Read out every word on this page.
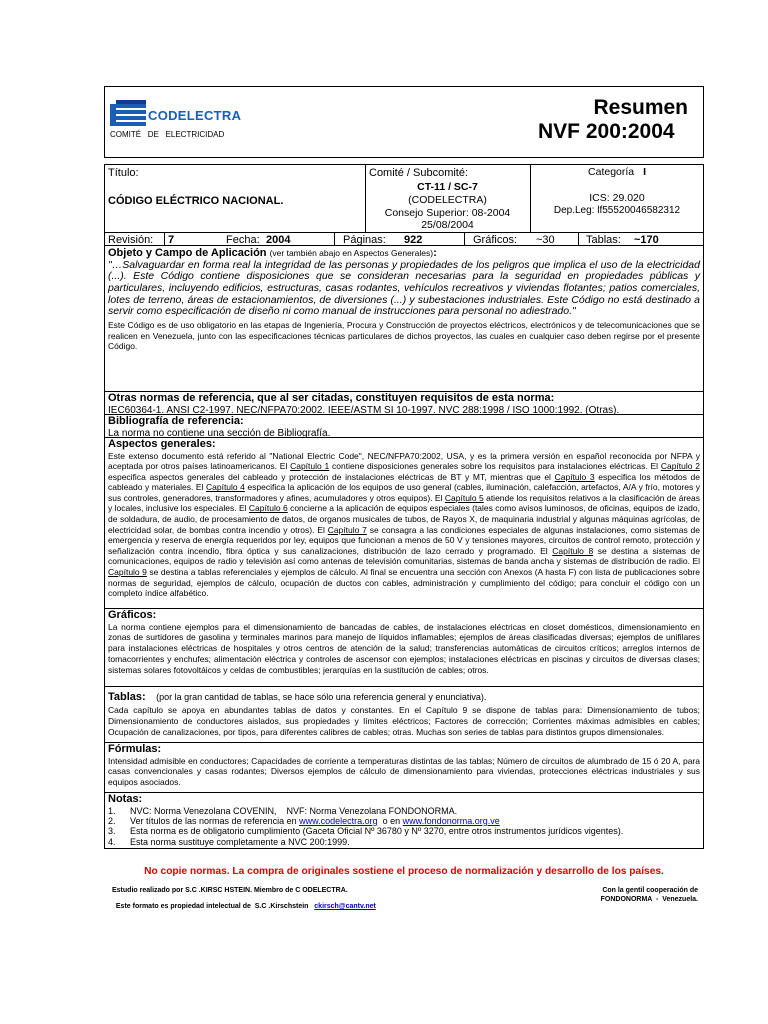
CODELECTRA
COMITÉ   DE   ELECTRICIDAD
Resumen
NVF 200:2004
Título:
CÓDIGO ELÉCTRICO NACIONAL.
Comité / Subcomité:
CT-11 / SC-7
(CODELECTRA)
Consejo Superior: 08-2004
25/08/2004
Categoría I
ICS: 29.020
Dep.Leg: lf55520046582312
Revisión: 7	Fecha: 2004	Páginas: 922	Gráficos: ~30	Tablas: ~170
Objeto y Campo de Aplicación (ver también abajo en Aspectos Generales):
"…Salvaguardar en forma real la integridad de las personas y propiedades de los peligros que implica el uso de la electricidad (...). Este Código contiene disposiciones que se consideran necesarias para la seguridad en propiedades públicas y particulares, incluyendo edificios, estructuras, casas rodantes, vehículos recreativos y viviendas flotantes; patios comerciales, lotes de terreno, áreas de estacionamientos, de diversiones (...) y subestaciones industriales. Este Código no está destinado a servir como especificación de diseño ni como manual de instrucciones para personal no adiestrado."
Este Código es de uso obligatorio en las etapas de Ingeniería, Procura y Construcción de proyectos eléctricos, electrónicos y de telecomunicaciones que se realicen en Venezuela, junto con las especificaciones técnicas particulares de dichos proyectos, las cuales en cualquier caso deben regirse por el presente Código.
Otras normas de referencia, que al ser citadas, constituyen requisitos de esta norma:
IEC60364-1. ANSI C2-1997. NEC/NFPA70:2002. IEEE/ASTM SI 10-1997. NVC 288:1998 / ISO 1000:1992. (Otras).
Bibliografía de referencia:
La norma no contiene una sección de Bibliografía.
Aspectos generales:
Este extenso documento está referido al "National Electric Code", NEC/NFPA70:2002, USA, y es la primera versión en español reconocida por NFPA y aceptada por otros países latinoamericanos. El Capítulo 1 contiene disposiciones generales sobre los requisitos para instalaciones eléctricas. El Capítulo 2 especifica aspectos generales del cableado y protección de instalaciones eléctricas de BT y MT, mientras que el Capítulo 3 especifica los métodos de cableado y materiales. El Capítulo 4 especifica la aplicación de los equipos de uso general (cables, iluminación, calefacción, artefactos, A/A y frío, motores y sus controles, generadores, transformadores y afines, acumuladores y otros equipos). El Capítulo 5 atiende los requisitos relativos a la clasificación de áreas y locales, inclusive los especiales. El Capítulo 6 concierne a la aplicación de equipos especiales (tales como avisos luminosos, de oficinas, equipos de izado, de soldadura, de audio, de procesamiento de datos, de organos musicales de tubos, de Rayos X, de maquinaria industrial y algunas máquinas agrícolas, de electricidad solar, de bombas contra incendio y otros). El Capítulo 7 se consagra a las condiciones especiales de algunas instalaciones, como sistemas de emergencia y reserva de energía requeridos por ley, equipos que funcionan a menos de 50 V y tensiones mayores, circuitos de control remoto, protección y señalización contra incendio, fibra óptica y sus canalizaciones, distribución de lazo cerrado y programado. El Capítulo 8 se destina a sistemas de comunicaciones, equipos de radio y televisión así como antenas de televisión comunitarias, sistemas de banda ancha y sistemas de distribución de radio. El Capítulo 9 se destina a tablas referenciales y ejemplos de cálculo. Al final se encuentra una sección con Anexos (A hasta F) con lista de publicaciones sobre normas de seguridad, ejemplos de cálculo, ocupación de ductos con cables, administración y cumplimiento del código; para concluir el código con un completo índice alfabético.
Gráficos:
La norma contiene ejemplos para el dimensionamiento de bancadas de cables, de instalaciones eléctricas en closet domésticos, dimensionamiento en zonas de surtidores de gasolina y terminales marinos para manejo de líquidos inflamables; ejemplos de áreas clasificadas diversas; ejemplos de unifilares para instalaciones eléctricas de hospitales y otros centros de atención de la salud; transferencias automáticas de circuitos críticos; arreglos internos de tomacorrientes y enchufes; alimentación eléctrica y controles de ascensor con ejemplos; instalaciones eléctricas en piscinas y circuitos de diversas clases; sistemas solares fotovoltáicos y celdas de combustibles; jerarquías en la sustitución de cables; otros.
Tablas: (por la gran cantidad de tablas, se hace sólo una referencia general y enunciativa).
Cada capítulo se apoya en abundantes tablas de datos y constantes. En el Capítulo 9 se dispone de tablas para: Dimensionamiento de tubos; Dimensionamiento de conductores aislados, sus propiedades y límites eléctricos; Factores de corrección; Corrientes máximas admisibles en cables; Ocupación de canalizaciones, por tipos, para diferentes calibres de cables; otras. Muchas son series de tablas para distintos grupos dimensionales.
Fórmulas:
Intensidad admisible en conductores; Capacidades de corriente a temperaturas distintas de las tablas; Número de circuitos de alumbrado de 15 ó 20 A, para casas convencionales y casas rodantes; Diversos ejemplos de cálculo de dimensionamiento para viviendas, protecciones eléctricas industriales y sus equipos asociados.
Notas:
1. NVC: Norma Venezolana COVENIN,    NVF: Norma Venezolana FONDONORMA.
2. Ver títulos de las normas de referencia en www.codelectra.org  o en www.fondonorma.org.ve
3. Esta norma es de obligatorio cumplimiento (Gaceta Oficial Nº 36780 y Nº 3270, entre otros instrumentos jurídicos vigentes).
4. Esta norma sustituye completamente a NVC 200:1999.
No copie normas. La compra de originales sostiene el proceso de normalización y desarrollo de los países.
Estudio realizado por S.C .KIRSC HSTEIN. Miembro de C ODELECTRA.

Este formato es propiedad intelectual de  S.C .Kirschstein   ckirsch@cantv.net

Con la gentil cooperación de
FONDONORMA  -  Venezuela.
